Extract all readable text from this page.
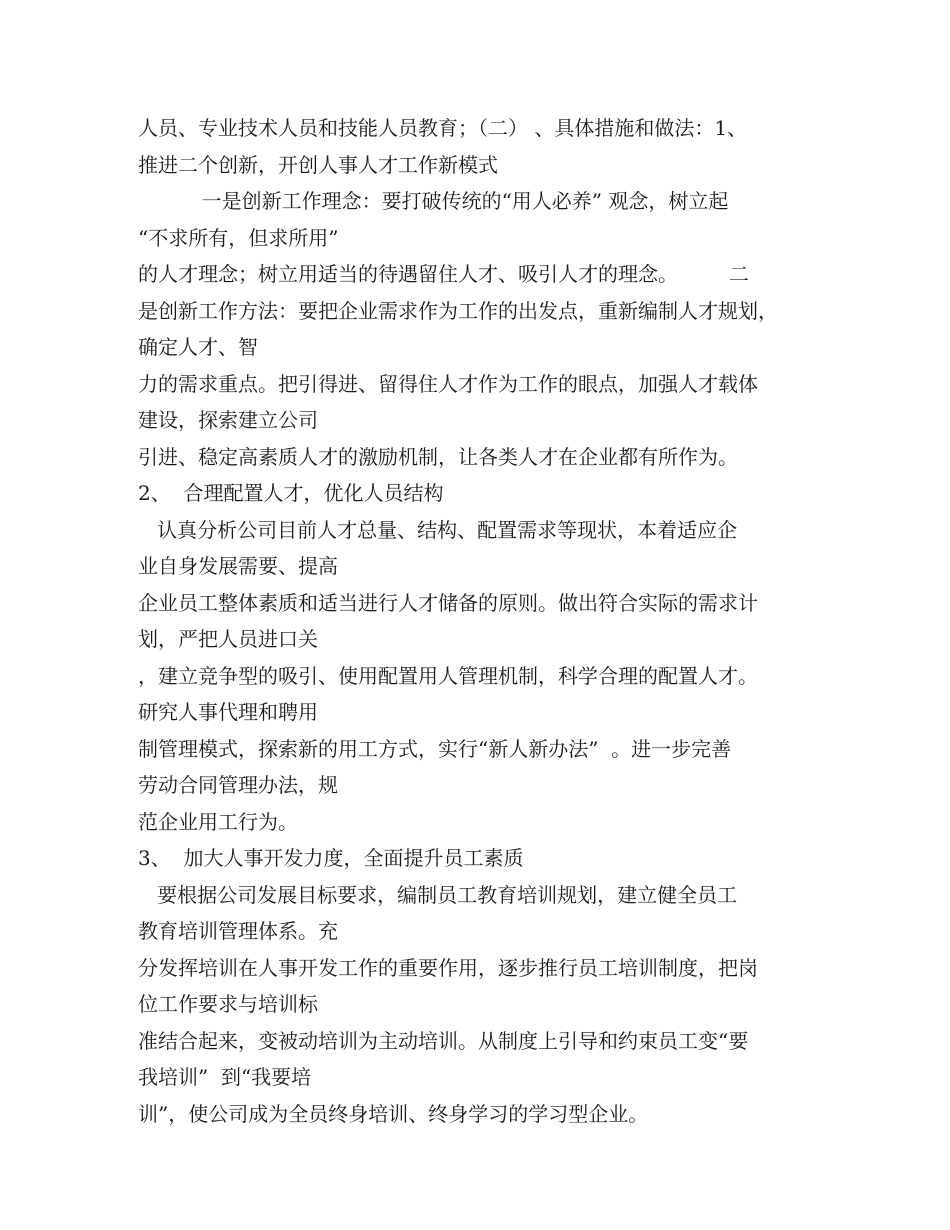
人员、专业技术人员和技能人员教育；（二） 、具体措施和做法：1、
推进二个创新，开创人事人才工作新模式
一是创新工作理念：要打破传统的“用人必养” 观念，树立起
“不求所有，但求所用”
的人才理念；树立用适当的待遇留住人才、吸引人才的理念。        二
是创新工作方法：要把企业需求作为工作的出发点，重新编制人才规划，
确定人才、智
力的需求重点。把引得进、留得住人才作为工作的眼点，加强人才载体
建设，探索建立公司
引进、稳定高素质人才的激励机制，让各类人才在企业都有所作为。
2、  合理配置人才，优化人员结构
认真分析公司目前人才总量、结构、配置需求等现状，本着适应企
业自身发展需要、提高
企业员工整体素质和适当进行人才储备的原则。做出符合实际的需求计
划，严把人员进口关
，建立竞争型的吸引、使用配置用人管理机制，科学合理的配置人才。
研究人事代理和聘用
制管理模式，探索新的用工方式，实行“新人新办法”  。进一步完善
劳动合同管理办法，规
范企业用工行为。
3、  加大人事开发力度，全面提升员工素质
要根据公司发展目标要求，编制员工教育培训规划，建立健全员工
教育培训管理体系。充
分发挥培训在人事开发工作的重要作用，逐步推行员工培训制度，把岗
位工作要求与培训标
准结合起来，变被动培训为主动培训。从制度上引导和约束员工变“要
我培训”  到“我要培
训”，使公司成为全员终身培训、终身学习的学习型企业。
